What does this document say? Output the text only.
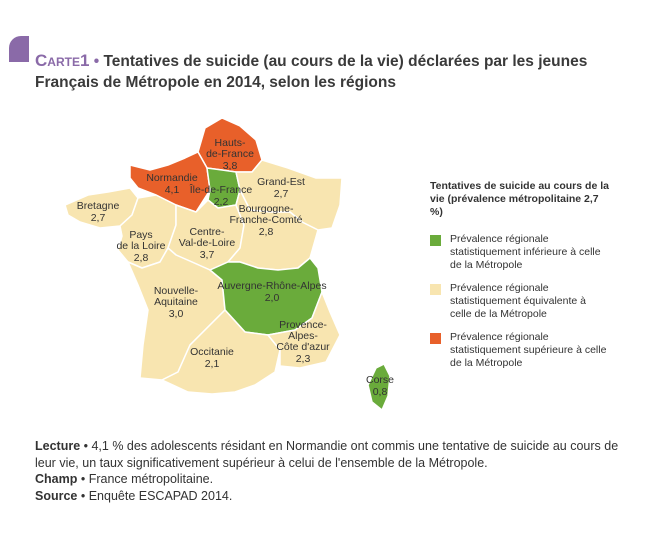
Carte1 • Tentatives de suicide (au cours de la vie) déclarées par les jeunes Français de Métropole en 2014, selon les régions
Hauts-de-France 3,8
Normandie 4,1 Île-de-France 2,2
Grand-Est 2,7
Bretagne 2,7
Pays de la Loire 2,8
Centre-Val-de-Loire 3,7
Bourgogne-Franche-Comté 2,8
Nouvelle-Aquitaine 3,0
Auvergne-Rhône-Alpes 2,0
Occitanie 2,1
Provence-Alpes-Côte d'azur 2,3
Corse 0,8
Tentatives de suicide au cours de la vie (prévalence métropolitaine 2,7 %)
Prévalence régionale statistiquement inférieure à celle de la Métropole
Prévalence régionale statistiquement équivalente à celle de la Métropole
Prévalence régionale statistiquement supérieure à celle de la Métropole
Lecture • 4,1 % des adolescents résidant en Normandie ont commis une tentative de suicide au cours de leur vie, un taux significativement supérieur à celui de l'ensemble de la Métropole.
Champ • France métropolitaine.
Source • Enquête ESCAPAD 2014.
